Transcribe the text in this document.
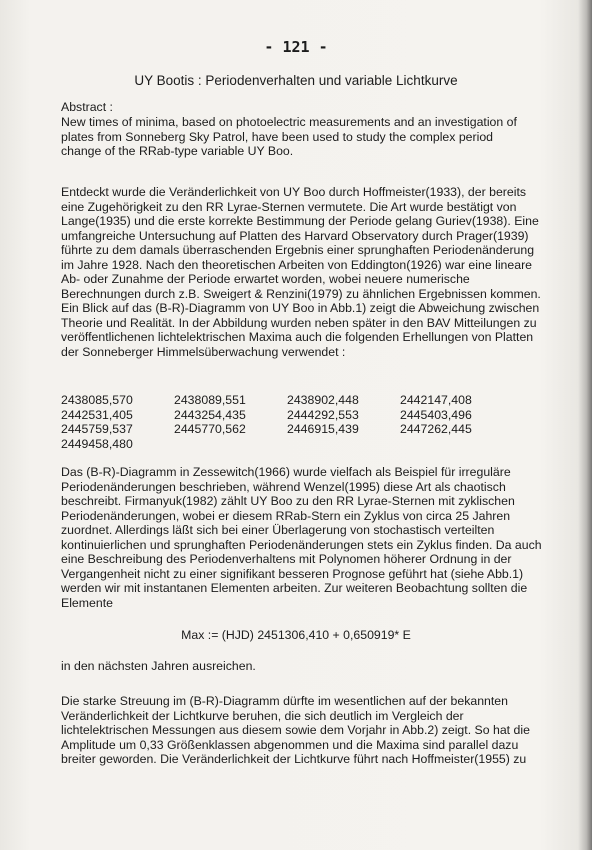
- 121 -
UY Bootis : Periodenverhalten und variable Lichtkurve
Abstract :
New times of minima, based on photoelectric measurements and an investigation of plates from Sonneberg Sky Patrol, have been used to study the complex period change of the RRab-type variable UY Boo.
Entdeckt wurde die Veränderlichkeit von UY Boo durch Hoffmeister(1933), der bereits eine Zugehörigkeit zu den RR Lyrae-Sternen vermutete. Die Art wurde bestätigt von Lange(1935) und die erste korrekte Bestimmung der Periode gelang Guriev(1938). Eine umfangreiche Untersuchung auf Platten des Harvard Observatory durch Prager(1939) führte zu dem damals überraschenden Ergebnis einer sprunghaften Periodenänderung im Jahre 1928. Nach den theoretischen Arbeiten von Eddington(1926) war eine lineare Ab- oder Zunahme der Periode erwartet worden, wobei neuere numerische Berechnungen durch z.B. Sweigert & Renzini(1979) zu ähnlichen Ergebnissen kommen. Ein Blick auf das (B-R)-Diagramm von UY Boo in Abb.1) zeigt die Abweichung zwischen Theorie und Realität. In der Abbildung wurden neben später in den BAV Mitteilungen zu veröffentlichenen lichtelektrischen Maxima auch die folgenden Erhellungen von Platten der Sonneberger Himmelsüberwachung verwendet :
2438085,570	2438089,551	2438902,448	2442147,408
2442531,405	2443254,435	2444292,553	2445403,496
2445759,537	2445770,562	2446915,439	2447262,445
2449458,480
Das (B-R)-Diagramm in Zessewitch(1966) wurde vielfach als Beispiel für irreguläre Periodenänderungen beschrieben, während Wenzel(1995) diese Art als chaotisch beschreibt. Firmanyuk(1982) zählt UY Boo zu den RR Lyrae-Sternen mit zyklischen Periodenänderungen, wobei er diesem RRab-Stern ein Zyklus von circa 25 Jahren zuordnet. Allerdings läßt sich bei einer Überlagerung von stochastisch verteilten kontinuierlichen und sprunghaften Periodenänderungen stets ein Zyklus finden. Da auch eine Beschreibung des Periodenverhaltens mit Polynomen höherer Ordnung in der Vergangenheit nicht zu einer signifikant besseren Prognose geführt hat (siehe Abb.1) werden wir mit instantanen Elementen arbeiten. Zur weiteren Beobachtung sollten die Elemente
Max := (HJD) 2451306,410 + 0,650919* E
in den nächsten Jahren ausreichen.
Die starke Streuung im (B-R)-Diagramm dürfte im wesentlichen auf der bekannten Veränderlichkeit der Lichtkurve beruhen, die sich deutlich im Vergleich der lichtelektrischen Messungen aus diesem sowie dem Vorjahr in Abb.2) zeigt. So hat die Amplitude um 0,33 Größenklassen abgenommen und die Maxima sind parallel dazu breiter geworden. Die Veränderlichkeit der Lichtkurve führt nach Hoffmeister(1955) zu
